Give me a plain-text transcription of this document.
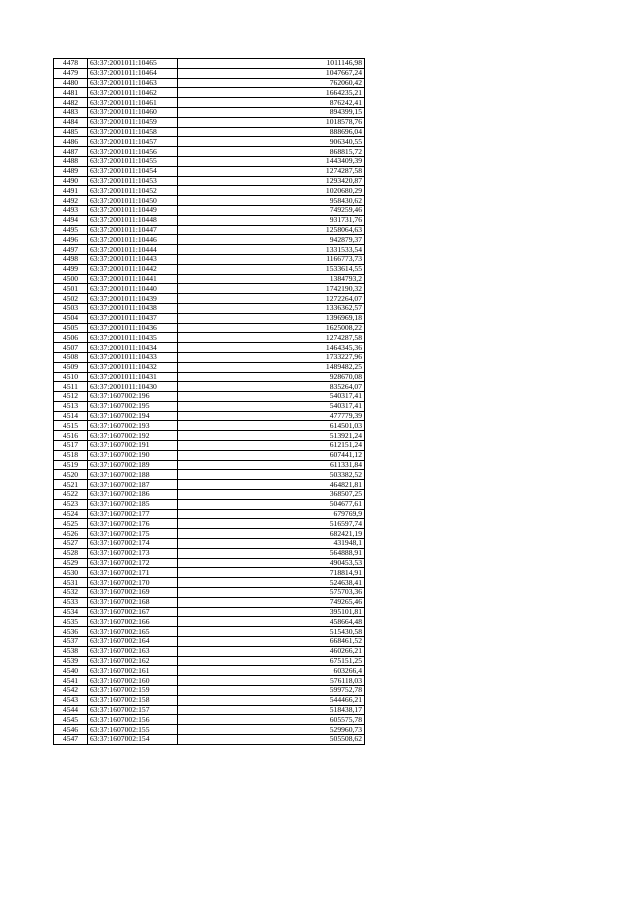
4478	63:37:2001011:10465	1011146,98
4479	63:37:2001011:10464	1047667,24
4480	63:37:2001011:10463	762060,42
4481	63:37:2001011:10462	1664235,21
4482	63:37:2001011:10461	876242,41
4483	63:37:2001011:10460	894399,15
4484	63:37:2001011:10459	1018578,76
4485	63:37:2001011:10458	888696,04
4486	63:37:2001011:10457	906340,55
4487	63:37:2001011:10456	868815,72
4488	63:37:2001011:10455	1443409,39
4489	63:37:2001011:10454	1274287,58
4490	63:37:2001011:10453	1293420,87
4491	63:37:2001011:10452	1020680,29
4492	63:37:2001011:10450	958430,62
4493	63:37:2001011:10449	749259,46
4494	63:37:2001011:10448	931731,76
4495	63:37:2001011:10447	1258064,63
4496	63:37:2001011:10446	942879,37
4497	63:37:2001011:10444	1331533,54
4498	63:37:2001011:10443	1166773,73
4499	63:37:2001011:10442	1533614,55
4500	63:37:2001011:10441	1384793,2
4501	63:37:2001011:10440	1742190,32
4502	63:37:2001011:10439	1272264,07
4503	63:37:2001011:10438	1336362,57
4504	63:37:2001011:10437	1396969,18
4505	63:37:2001011:10436	1625008,22
4506	63:37:2001011:10435	1274287,58
4507	63:37:2001011:10434	1464345,36
4508	63:37:2001011:10433	1733227,96
4509	63:37:2001011:10432	1489482,25
4510	63:37:2001011:10431	928670,08
4511	63:37:2001011:10430	835264,07
4512	63:37:1607002:196	540317,41
4513	63:37:1607002:195	540317,41
4514	63:37:1607002:194	477779,39
4515	63:37:1607002:193	614501,03
4516	63:37:1607002:192	513921,24
4517	63:37:1607002:191	612151,24
4518	63:37:1607002:190	607441,12
4519	63:37:1607002:189	611331,84
4520	63:37:1607002:188	503382,52
4521	63:37:1607002:187	464821,81
4522	63:37:1607002:186	368507,25
4523	63:37:1607002:185	504677,61
4524	63:37:1607002:177	679769,9
4525	63:37:1607002:176	516597,74
4526	63:37:1607002:175	682421,19
4527	63:37:1607002:174	431948,1
4528	63:37:1607002:173	564888,91
4529	63:37:1607002:172	490453,53
4530	63:37:1607002:171	718814,91
4531	63:37:1607002:170	524638,41
4532	63:37:1607002:169	575703,36
4533	63:37:1607002:168	749265,46
4534	63:37:1607002:167	395101,81
4535	63:37:1607002:166	458664,48
4536	63:37:1607002:165	515430,58
4537	63:37:1607002:164	668461,52
4538	63:37:1607002:163	460266,21
4539	63:37:1607002:162	675151,25
4540	63:37:1607002:161	603266,4
4541	63:37:1607002:160	576118,03
4542	63:37:1607002:159	599752,78
4543	63:37:1607002:158	544466,21
4544	63:37:1607002:157	518438,17
4545	63:37:1607002:156	605575,78
4546	63:37:1607002:155	529960,73
4547	63:37:1607002:154	505508,62
